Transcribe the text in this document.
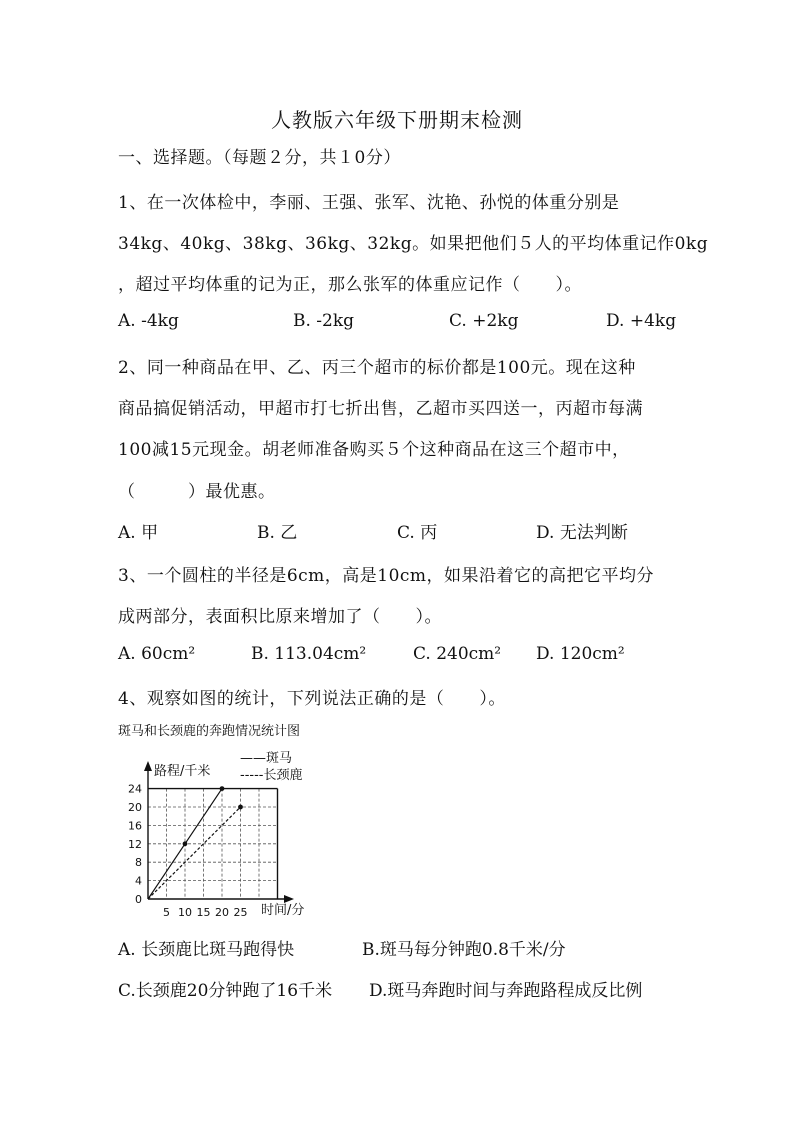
人教版六年级下册期末检测
一、选择题。（每题２分，共１0分）
1、在一次体检中，李丽、王强、张军、沈艳、孙悦的体重分别是
34kg、40kg、38kg、36kg、32kg。如果把他们５人的平均体重记作0kg
，超过平均体重的记为正，那么张军的体重应记作（　　）。
A. -4kg	B. -2kg	C. +2kg	D. +4kg
2、同一种商品在甲、乙、丙三个超市的标价都是100元。现在这种
商品搞促销活动，甲超市打七折出售，乙超市买四送一，丙超市每满
100减15元现金。胡老师准备购买５个这种商品在这三个超市中，
（　　　）最优惠。
A. 甲	B. 乙	C. 丙	D. 无法判断
3、一个圆柱的半径是6cm，高是10cm，如果沿着它的高把它平均分
成两部分，表面积比原来增加了（　　）。
A. 60cm²	B. 113.04cm²	C. 240cm² D. 120cm²
4、观察如图的统计，下列说法正确的是（　　）。
斑马和长颈鹿的奔跑情况统计图
路程/千米
——斑马
-----长颈鹿
时间/分
0
4
8
12
16
20
24
5 10 15 20 25
A. 长颈鹿比斑马跑得快	B.斑马每分钟跑0.8千米/分
C.长颈鹿20分钟跑了16千米 D.斑马奔跑时间与奔跑路程成反比例
